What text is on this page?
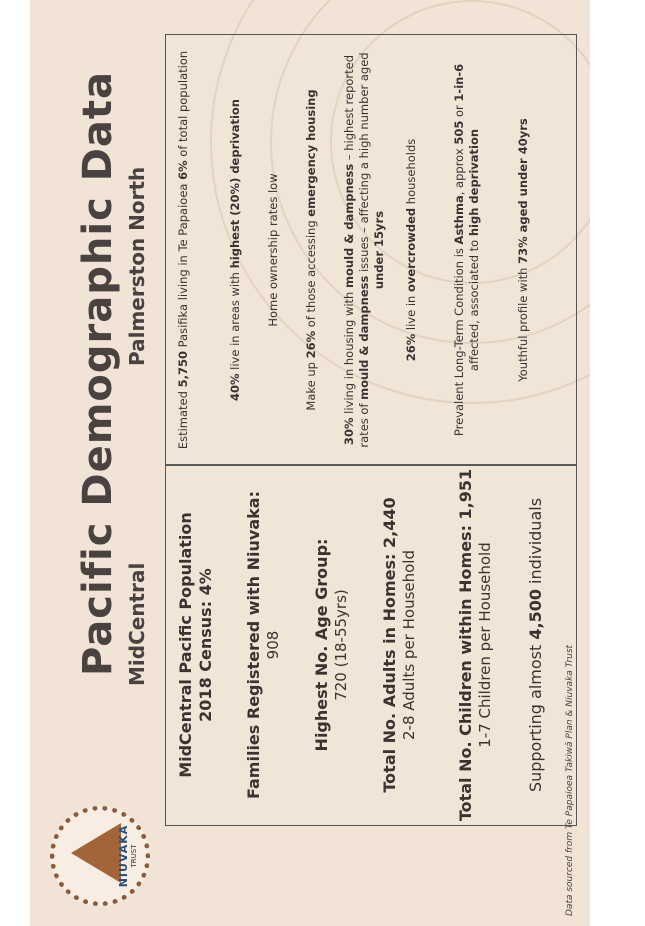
NIUVAKA TRUST
Pacific Demographic Data MidCentral
Palmerston North
MidCentral Pacific Population 2018 Census: 4% Families Registered with Niuvaka: 908 Highest No. Age Group: 720 (18-55yrs) Total No. Adults in Homes: 2,440 2-8 Adults per Household Total No. Children within Homes: 1,951 1-7 Children per Household Supporting almost 4,500 individuals
Estimated 5,750 Pasifika living in Te Papaioea 6% of total population
40% live in areas with highest (20%) deprivation Home ownership rates low
Make up 26% of those accessing emergency housing
30% living in housing with mould & dampness – highest reported rates of mould & dampness issues – affecting a high number aged under 15yrs
26% live in overcrowded households
Prevalent Long-Term Condition is Asthma, approx 505 or 1-in-6 affected, associated to high deprivation
Youthful profile with 73% aged under 40yrs
Data sourced from Te Papaioea Takiwā Plan & Niuvaka Trust
